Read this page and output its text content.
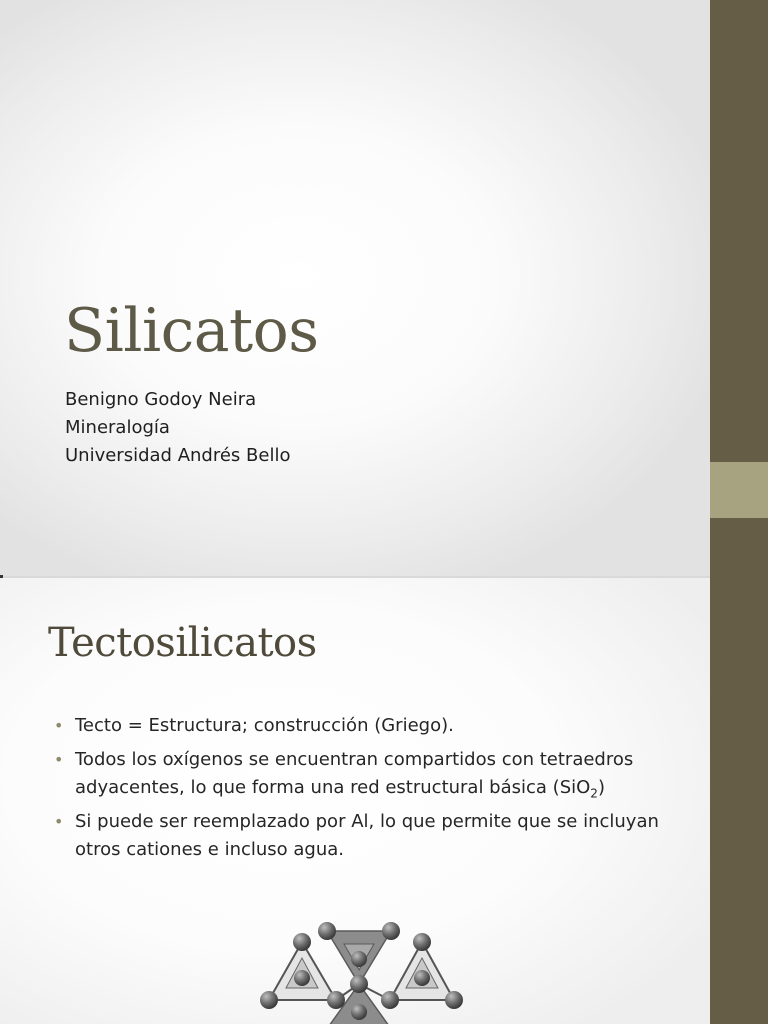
Silicatos
Benigno Godoy Neira
Mineralogía
Universidad Andrés Bello
Tectosilicatos
• Tecto = Estructura; construcción (Griego).
• Todos los oxígenos se encuentran compartidos con tetraedros adyacentes, lo que forma una red estructural básica (SiO$_2$)
• Si puede ser reemplazado por Al, lo que permite que se incluyan otros cationes e incluso agua.
